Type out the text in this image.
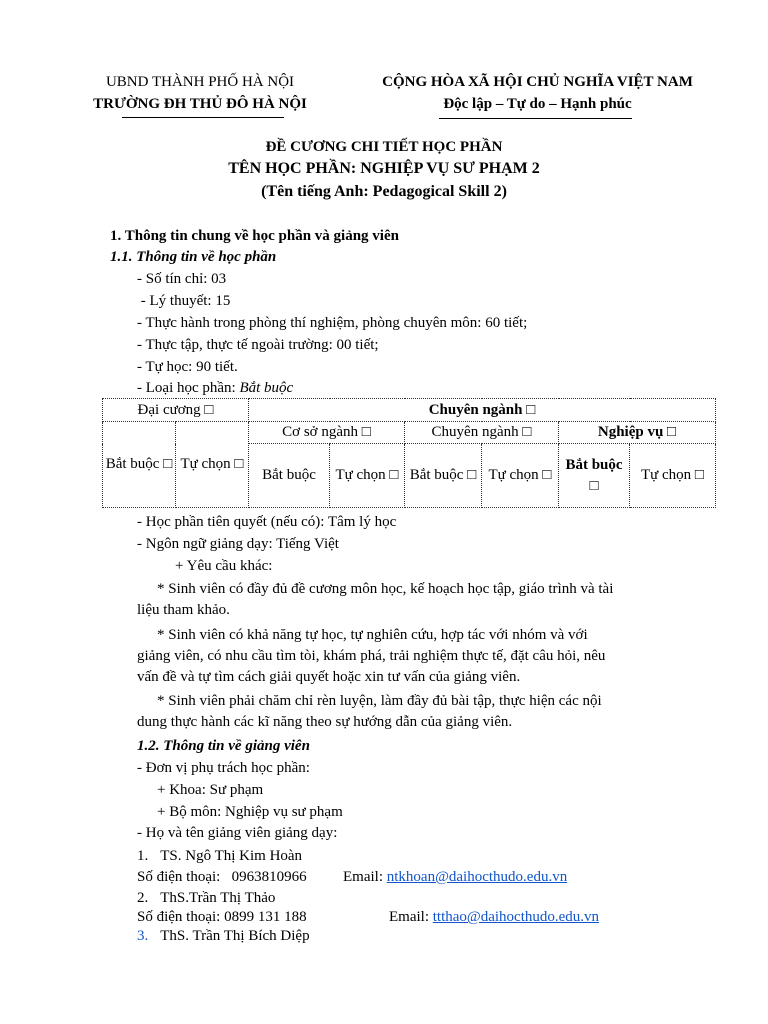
UBND THÀNH PHỐ HÀ NỘI
TRƯỜNG ĐH THỦ ĐÔ HÀ NỘI
CỘNG HÒA XÃ HỘI CHỦ NGHĨA VIỆT NAM
Độc lập – Tự do – Hạnh phúc
ĐỀ CƯƠNG CHI TIẾT HỌC PHẦN
TÊN HỌC PHẦN: NGHIỆP VỤ SƯ PHẠM 2
(Tên tiếng Anh: Pedagogical Skill 2)
1. Thông tin chung về học phần và giảng viên
1.1. Thông tin về học phần
- Số tín chỉ: 03
- Lý thuyết: 15
- Thực hành trong phòng thí nghiệm, phòng chuyên môn: 60 tiết;
- Thực tập, thực tế ngoài trường: 00 tiết;
- Tự học: 90 tiết.
- Loại học phần: Bắt buộc
Đại cương □		Chuyên ngành □					
Bắt buộc □	Tự chọn □	Cơ sở ngành □		Chuyên ngành □		Nghiệp vụ □	
		Bắt buộc	Tự chọn □	Bắt buộc □	Tự chọn □	Bắt buộc □	Tự chọn □
- Học phần tiên quyết (nếu có): Tâm lý học
- Ngôn ngữ giảng dạy: Tiếng Việt
+ Yêu cầu khác:
* Sinh viên có đầy đủ đề cương môn học, kế hoạch học tập, giáo trình và tài
liệu tham khảo.
* Sinh viên có khả năng tự học, tự nghiên cứu, hợp tác với nhóm và với
giảng viên, có nhu cầu tìm tòi, khám phá, trải nghiệm thực tế, đặt câu hỏi, nêu
vấn đề và tự tìm cách giải quyết hoặc xin tư vấn của giảng viên.
* Sinh viên phải chăm chỉ rèn luyện, làm đầy đủ bài tập, thực hiện các nội
dung thực hành các kĩ năng theo sự hướng dẫn của giảng viên.
1.2. Thông tin về giảng viên
- Đơn vị phụ trách học phần:
+ Khoa: Sư phạm
+ Bộ môn: Nghiệp vụ sư phạm
- Họ và tên giảng viên giảng dạy:
1. TS. Ngô Thị Kim Hoàn
Số điện thoại:   0963810966 Email: ntkhoan@daihocthudo.edu.vn
2. ThS.Trần Thị Thảo
Số điện thoại: 0899 131 188	Email: ttthao@daihocthudo.edu.vn
3. ThS. Trần Thị Bích Diệp
